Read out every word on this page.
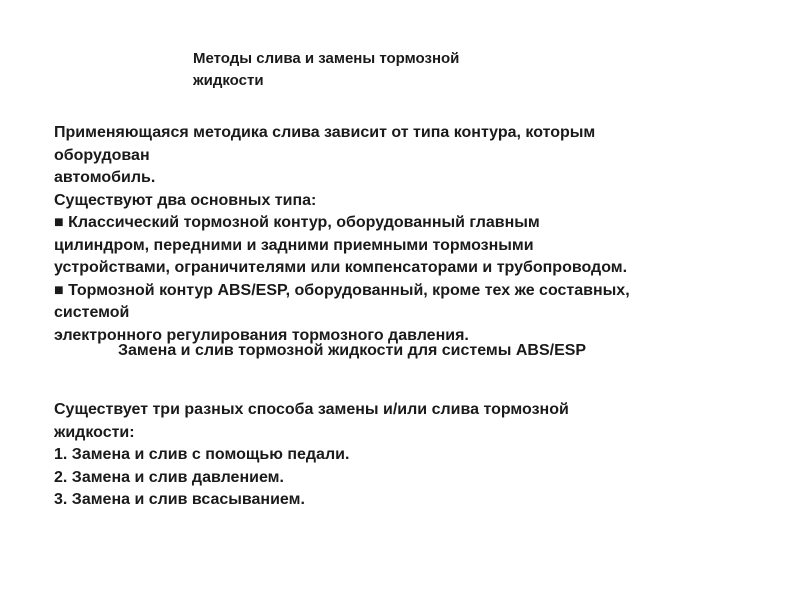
Методы слива и замены тормозной
жидкости
Применяющаяся методика слива зависит от типа контура, которым
оборудован
автомобиль.
Существуют два основных типа:
■ Классический тормозной контур, оборудованный главным
цилиндром, передними и задними приемными тормозными
устройствами, ограничителями или компенсаторами и трубопроводом.
■ Тормозной контур ABS/ESP, оборудованный, кроме тех же составных,
системой
электронного регулирования тормозного давления.
Замена и слив тормозной жидкости для системы ABS/ESP
Существует три разных способа замены и/или слива тормозной
жидкости:
1. Замена и слив с помощью педали.
2. Замена и слив давлением.
3. Замена и слив всасыванием.
